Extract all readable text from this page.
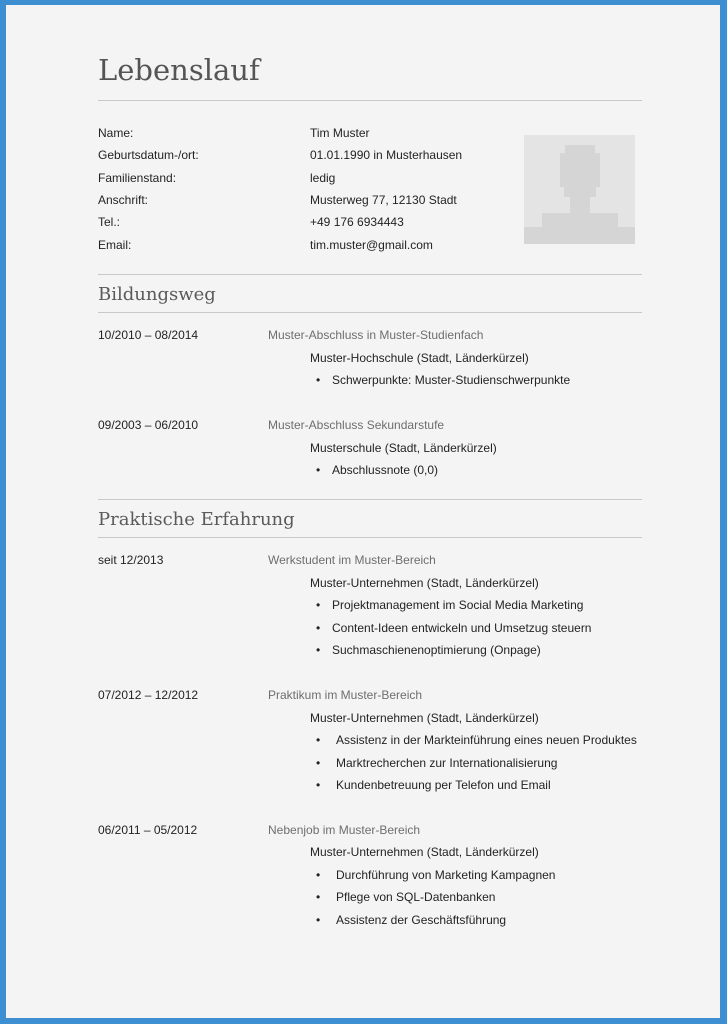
Lebenslauf
Name:	Tim Muster
Geburtsdatum-/ort:	01.01.1990 in Musterhausen
Familienstand:	ledig
Anschrift:	Musterweg 77, 12130 Stadt
Tel.:	+49 176 6934443
Email:	tim.muster@gmail.com
Bildungsweg
10/2010 – 08/2014	Muster-Abschluss in Muster-Studienfach
Muster-Hochschule (Stadt, Länderkürzel)
• Schwerpunkte: Muster-Studienschwerpunkte
09/2003 – 06/2010	Muster-Abschluss Sekundarstufe
Musterschule (Stadt, Länderkürzel)
• Abschlussnote (0,0)
Praktische Erfahrung
seit 12/2013	Werkstudent im Muster-Bereich
Muster-Unternehmen (Stadt, Länderkürzel)
• Projektmanagement im Social Media Marketing
• Content-Ideen entwickeln und Umsetzug steuern
• Suchmaschienenoptimierung (Onpage)
07/2012 – 12/2012	Praktikum im Muster-Bereich
Muster-Unternehmen (Stadt, Länderkürzel)
• Assistenz in der Markteinführung eines neuen Produktes
• Marktrecherchen zur Internationalisierung
• Kundenbetreuung per Telefon und Email
06/2011 – 05/2012	Nebenjob im Muster-Bereich
Muster-Unternehmen (Stadt, Länderkürzel)
• Durchführung von Marketing Kampagnen
• Pflege von SQL-Datenbanken
• Assistenz der Geschäftsführung
